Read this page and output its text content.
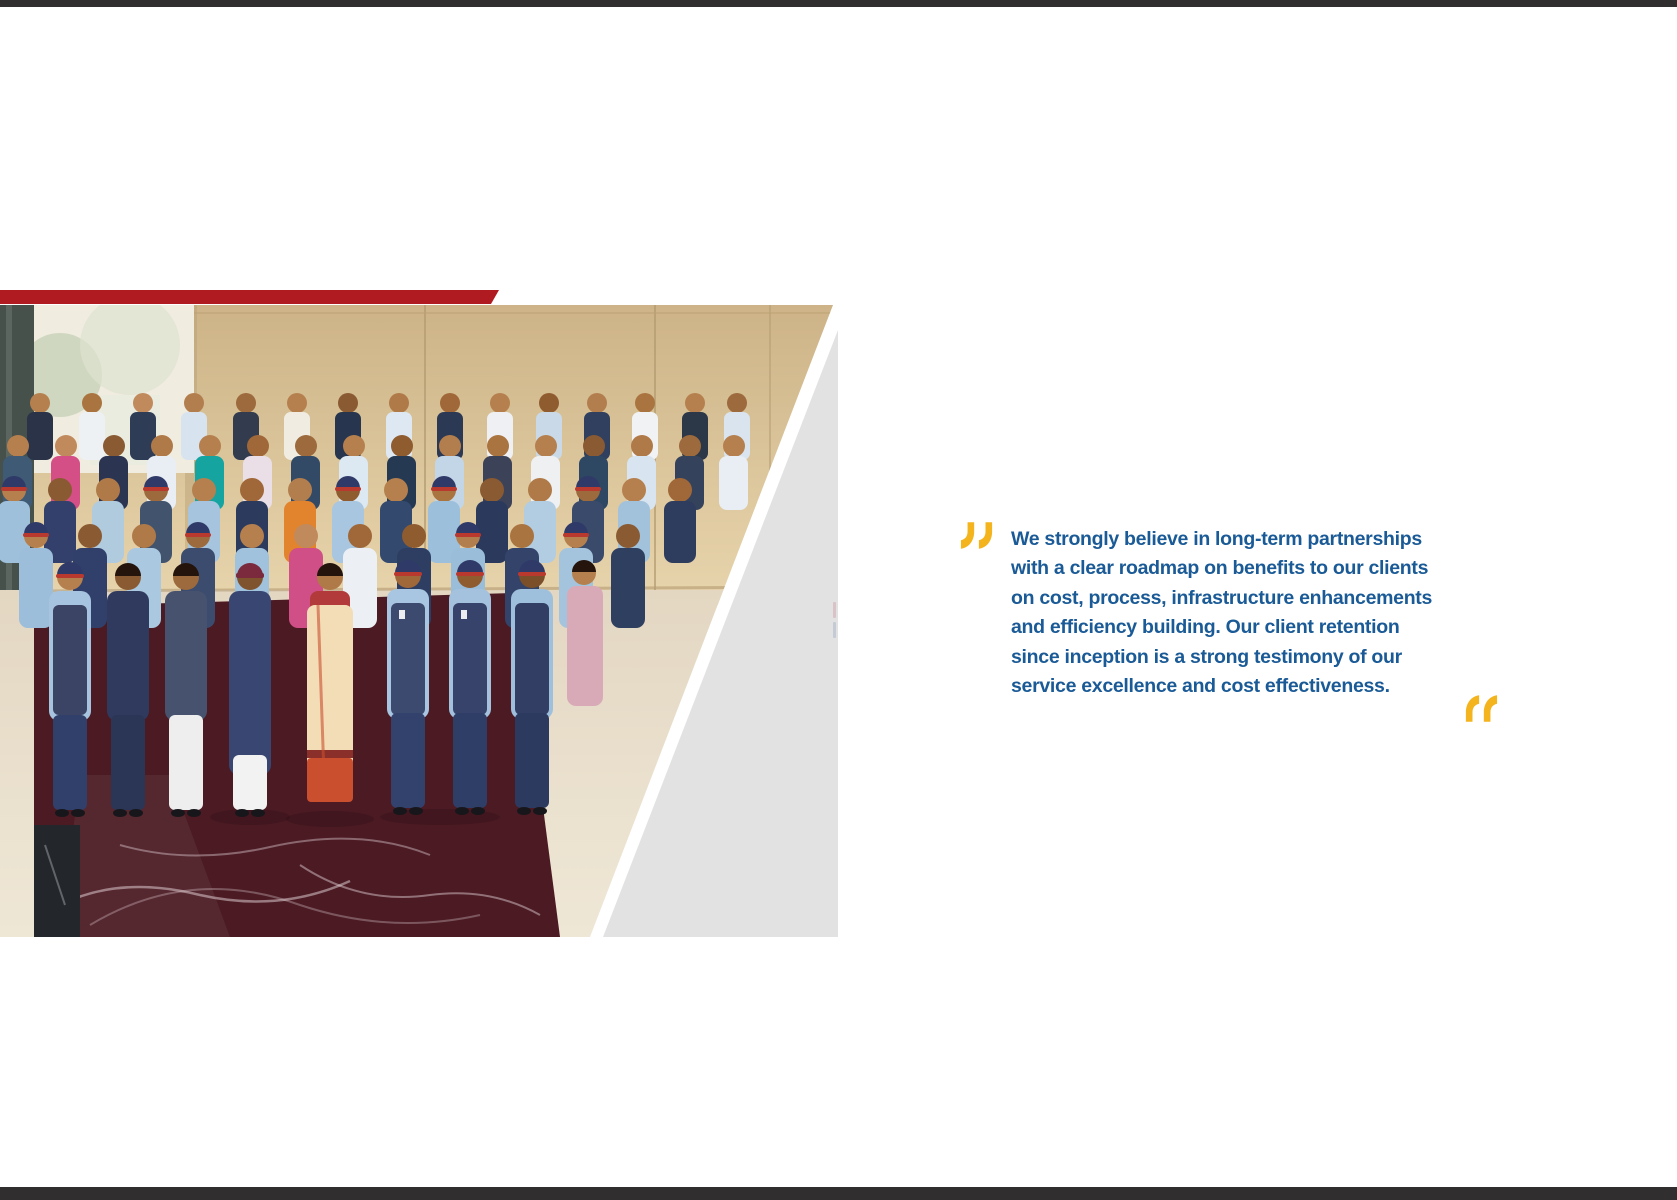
We strongly believe in long-term partnerships
with a clear roadmap on benefits to our clients
on cost, process, infrastructure enhancements
and efficiency building. Our client retention
since inception is a strong testimony of our
service excellence and cost effectiveness.
